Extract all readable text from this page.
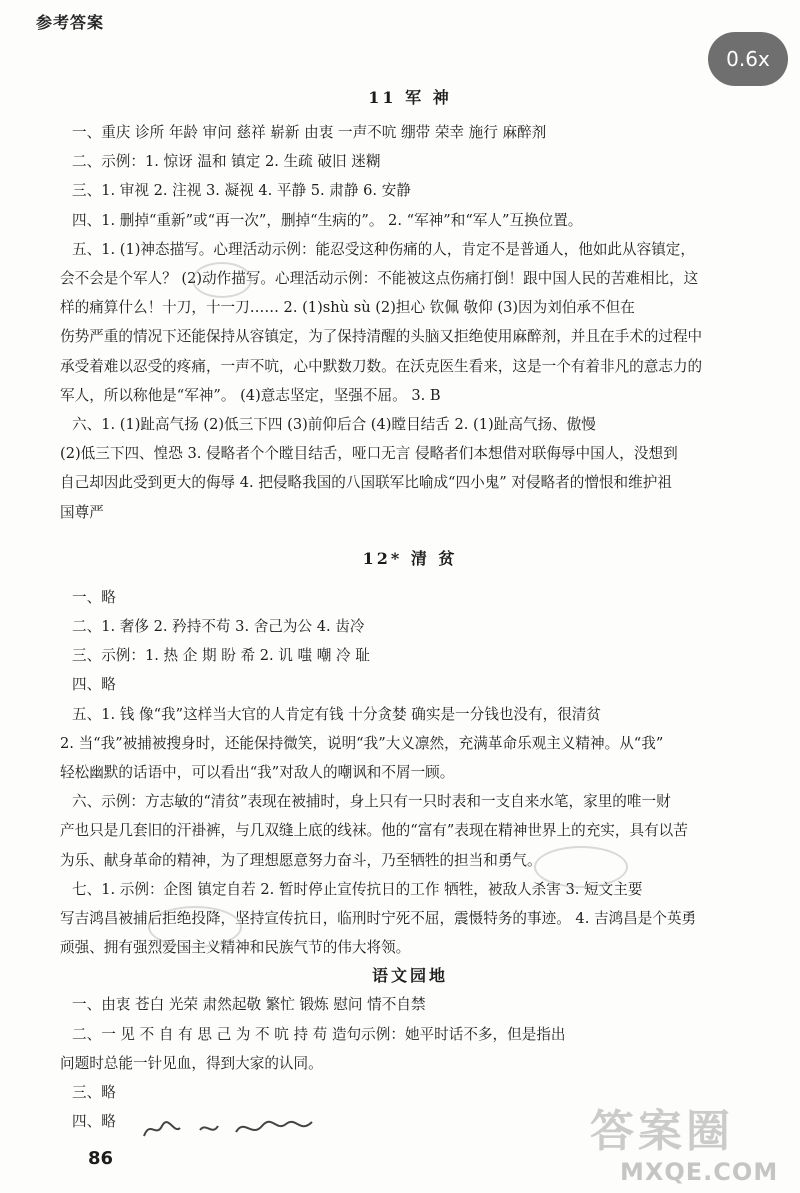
参考答案
0.6x
11 军 神
一、重庆 诊所 年龄 审问 慈祥 崭新 由衷 一声不吭 绷带 荣幸 施行 麻醉剂
二、示例：1. 惊讶 温和 镇定 2. 生疏 破旧 迷糊
三、1. 审视 2. 注视 3. 凝视 4. 平静 5. 肃静 6. 安静
四、1. 删掉“重新”或“再一次”，删掉“生病的”。 2. “军神”和“军人”互换位置。
五、1. (1)神态描写。心理活动示例：能忍受这种伤痛的人，肯定不是普通人，他如此从容镇定，
会不会是个军人？ (2)动作描写。心理活动示例：不能被这点伤痛打倒！跟中国人民的苦难相比，这
样的痛算什么！十刀，十一刀…… 2. (1)shù sù (2)担心 钦佩 敬仰 (3)因为刘伯承不但在
伤势严重的情况下还能保持从容镇定，为了保持清醒的头脑又拒绝使用麻醉剂，并且在手术的过程中
承受着难以忍受的疼痛，一声不吭，心中默数刀数。在沃克医生看来，这是一个有着非凡的意志力的
军人，所以称他是“军神”。 (4)意志坚定，坚强不屈。 3. B
六、1. (1)趾高气扬 (2)低三下四 (3)前仰后合 (4)瞠目结舌 2. (1)趾高气扬、傲慢
(2)低三下四、惶恐 3. 侵略者个个瞠目结舌，哑口无言 侵略者们本想借对联侮辱中国人，没想到
自己却因此受到更大的侮辱 4. 把侵略我国的八国联军比喻成“四小鬼” 对侵略者的憎恨和维护祖
国尊严
12* 清 贫
一、略
二、1. 奢侈 2. 矜持不苟 3. 舍己为公 4. 齿冷
三、示例：1. 热 企 期 盼 希 2. 讥 嗤 嘲 冷 耻
四、略
五、1. 钱 像“我”这样当大官的人肯定有钱 十分贪婪 确实是一分钱也没有，很清贫
2. 当“我”被捕被搜身时，还能保持微笑，说明“我”大义凛然，充满革命乐观主义精神。从“我”
轻松幽默的话语中，可以看出“我”对敌人的嘲讽和不屑一顾。
六、示例：方志敏的“清贫”表现在被捕时，身上只有一只时表和一支自来水笔，家里的唯一财
产也只是几套旧的汗褂裤，与几双缝上底的线袜。他的“富有”表现在精神世界上的充实，具有以苦
为乐、献身革命的精神，为了理想愿意努力奋斗，乃至牺牲的担当和勇气。
七、1. 示例：企图 镇定自若 2. 暂时停止宣传抗日的工作 牺牲，被敌人杀害 3. 短文主要
写吉鸿昌被捕后拒绝投降，坚持宣传抗日，临刑时宁死不屈，震慑特务的事迹。 4. 吉鸿昌是个英勇
顽强、拥有强烈爱国主义精神和民族气节的伟大将领。
语文园地
一、由衷 苍白 光荣 肃然起敬 繁忙 锻炼 慰问 情不自禁
二、一 见 不 自 有 思 己 为 不 吭 持 苟 造句示例：她平时话不多，但是指出
问题时总能一针见血，得到大家的认同。
三、略
四、略
86
答案圈
MXQE.COM
